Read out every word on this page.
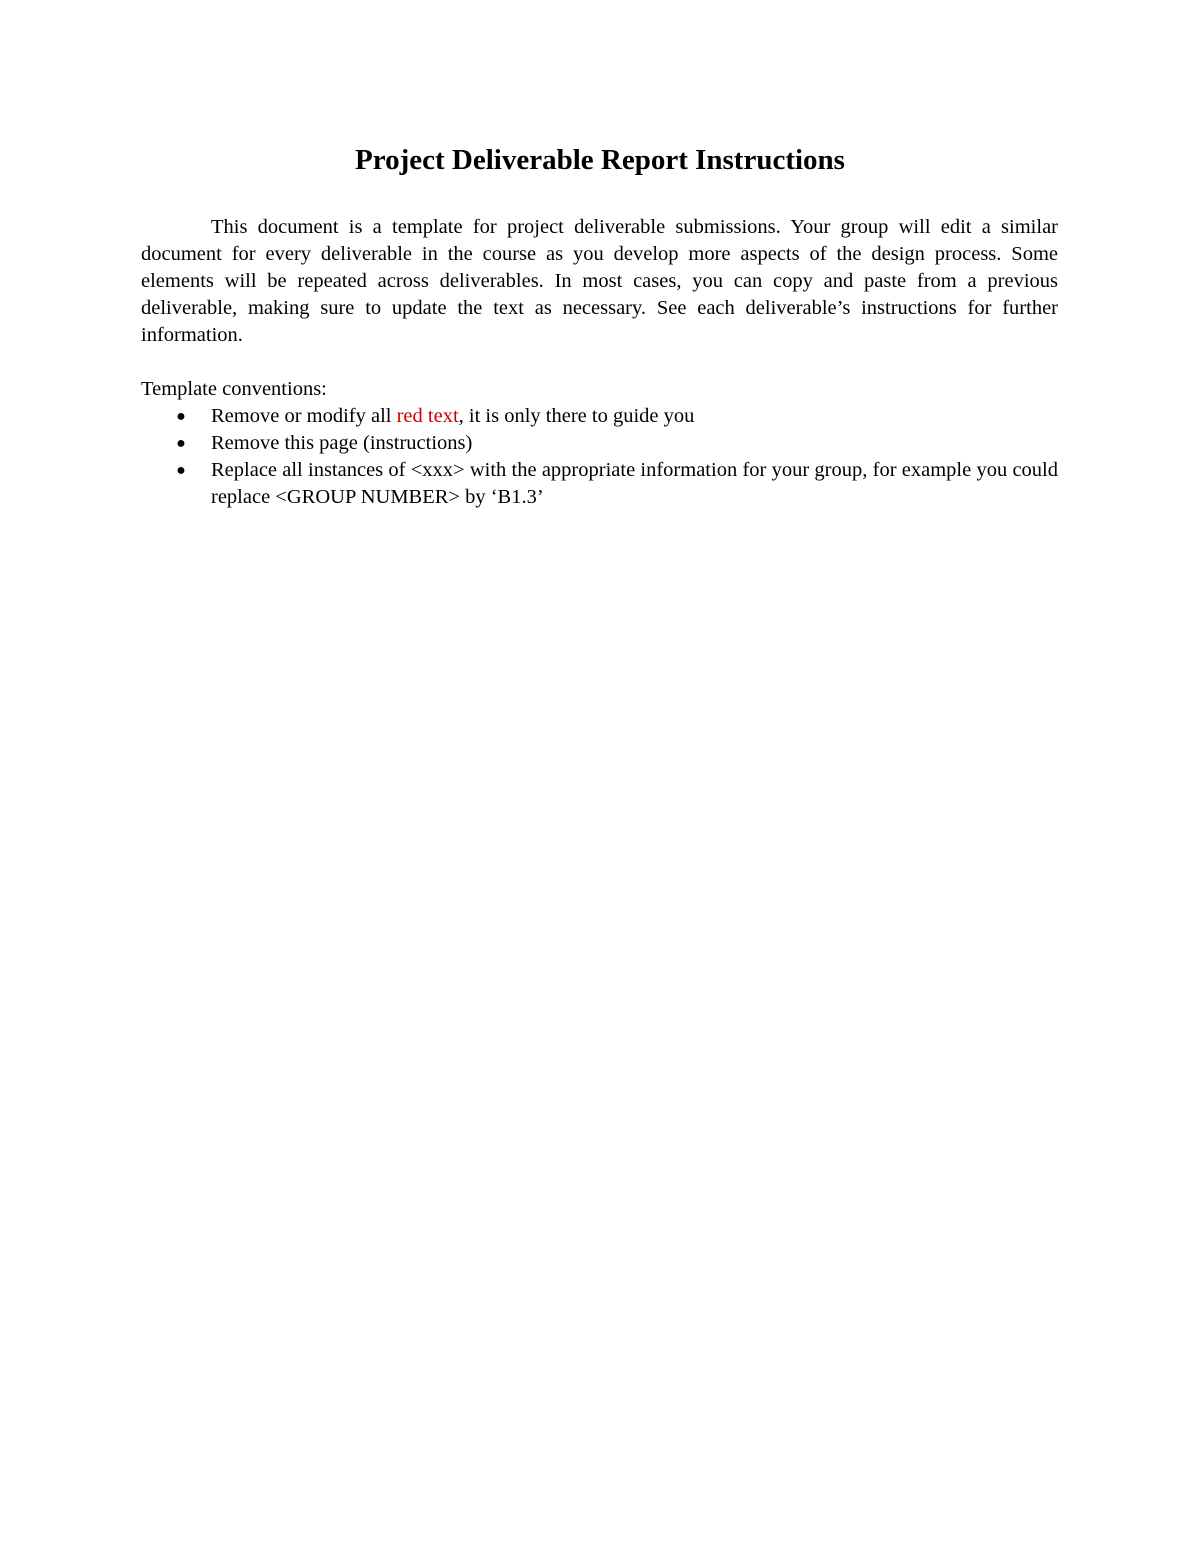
Project Deliverable Report Instructions

This document is a template for project deliverable submissions. Your group will edit a similar document for every deliverable in the course as you develop more aspects of the design process. Some elements will be repeated across deliverables. In most cases, you can copy and paste from a previous deliverable, making sure to update the text as necessary. See each deliverable’s instructions for further information.

Template conventions:

● Remove or modify all red text, it is only there to guide you
● Remove this page (instructions)
● Replace all instances of <xxx> with the appropriate information for your group, for example you could replace <GROUP NUMBER> by ‘B1.3’
